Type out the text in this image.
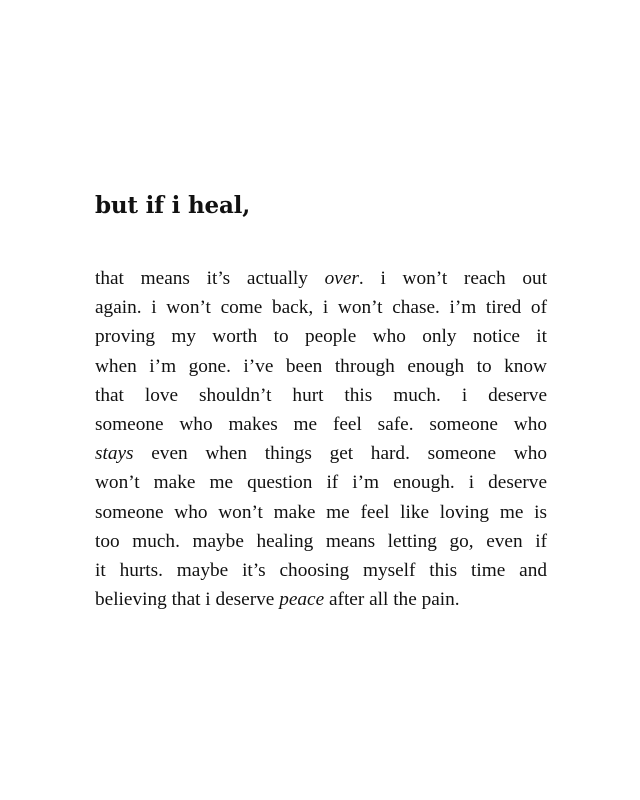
but if i heal,

that means it’s actually over. i won’t reach out
again. i won’t come back, i won’t chase. i’m tired of
proving my worth to people who only notice it
when i’m gone. i’ve been through enough to know
that love shouldn’t hurt this much. i deserve
someone who makes me feel safe. someone who
stays even when things get hard. someone who
won’t make me question if i’m enough. i deserve
someone who won’t make me feel like loving me is
too much. maybe healing means letting go, even if
it hurts. maybe it’s choosing myself this time and
believing that i deserve peace after all the pain.
